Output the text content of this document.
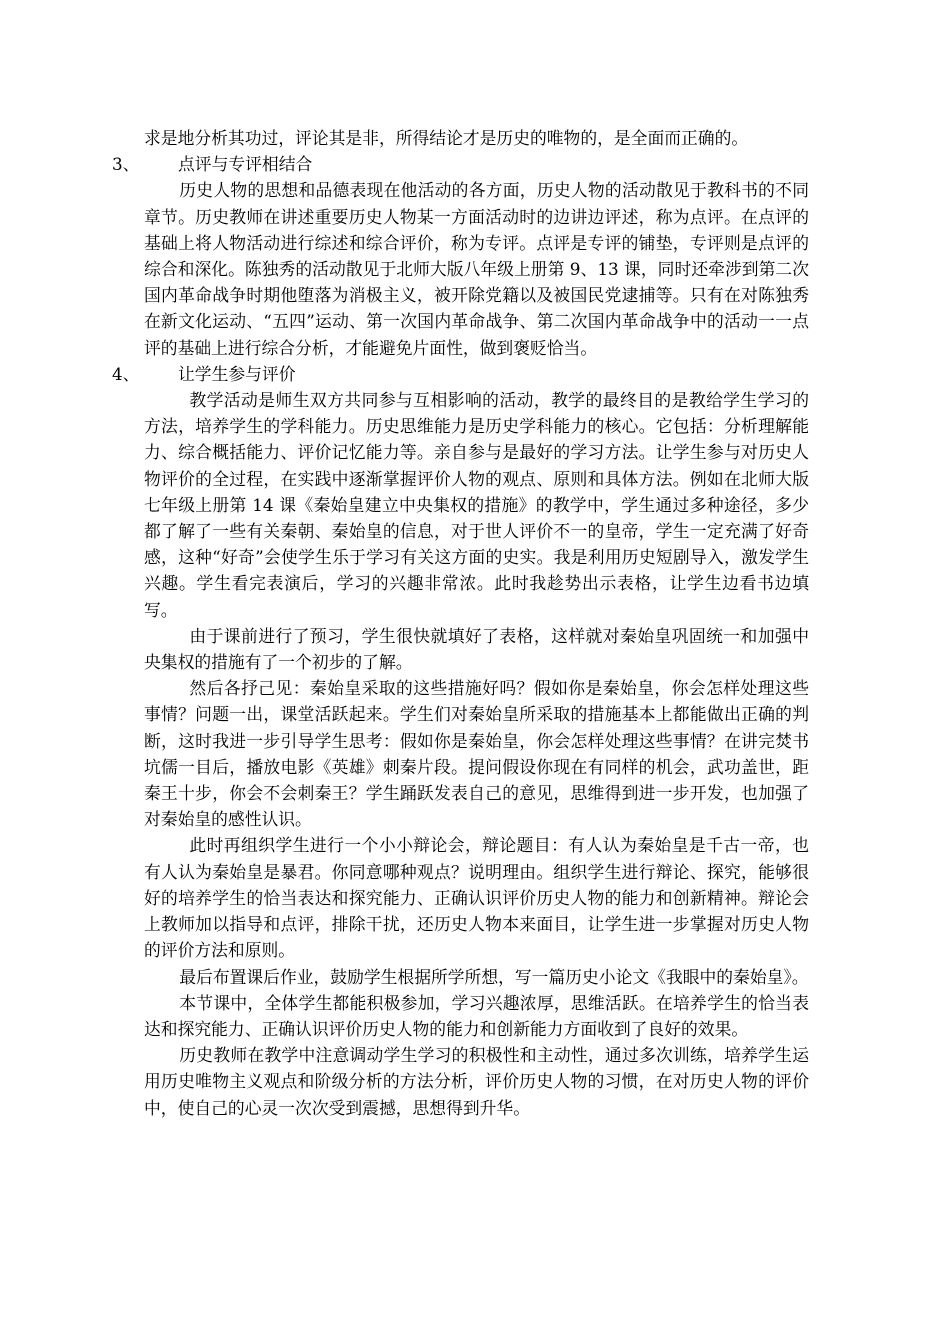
求是地分析其功过，评论其是非，所得结论才是历史的唯物的，是全面而正确的。

3、	点评与专评相结合

历史人物的思想和品德表现在他活动的各方面，历史人物的活动散见于教科书的不同章节。历史教师在讲述重要历史人物某一方面活动时的边讲边评述，称为点评。在点评的基础上将人物活动进行综述和综合评价，称为专评。点评是专评的铺垫，专评则是点评的综合和深化。陈独秀的活动散见于北师大版八年级上册第 9、13 课，同时还牵涉到第二次国内革命战争时期他堕落为消极主义，被开除党籍以及被国民党逮捕等。只有在对陈独秀在新文化运动、“五四”运动、第一次国内革命战争、第二次国内革命战争中的活动一一点评的基础上进行综合分析，才能避免片面性，做到褒贬恰当。

4、	让学生参与评价

教学活动是师生双方共同参与互相影响的活动，教学的最终目的是教给学生学习的方法，培养学生的学科能力。历史思维能力是历史学科能力的核心。它包括：分析理解能力、综合概括能力、评价记忆能力等。亲自参与是最好的学习方法。让学生参与对历史人物评价的全过程，在实践中逐渐掌握评价人物的观点、原则和具体方法。例如在北师大版七年级上册第 14 课《秦始皇建立中央集权的措施》的教学中，学生通过多种途径，多少都了解了一些有关秦朝、秦始皇的信息，对于世人评价不一的皇帝，学生一定充满了好奇感，这种“好奇”会使学生乐于学习有关这方面的史实。我是利用历史短剧导入，激发学生兴趣。学生看完表演后，学习的兴趣非常浓。此时我趁势出示表格，让学生边看书边填写。

由于课前进行了预习，学生很快就填好了表格，这样就对秦始皇巩固统一和加强中央集权的措施有了一个初步的了解。

然后各抒己见：秦始皇采取的这些措施好吗？假如你是秦始皇，你会怎样处理这些事情？问题一出，课堂活跃起来。学生们对秦始皇所采取的措施基本上都能做出正确的判断，这时我进一步引导学生思考：假如你是秦始皇，你会怎样处理这些事情？在讲完焚书坑儒一目后，播放电影《英雄》刺秦片段。提问假设你现在有同样的机会，武功盖世，距秦王十步，你会不会刺秦王？学生踊跃发表自己的意见，思维得到进一步开发，也加强了对秦始皇的感性认识。

此时再组织学生进行一个小小辩论会，辩论题目：有人认为秦始皇是千古一帝，也有人认为秦始皇是暴君。你同意哪种观点？说明理由。组织学生进行辩论、探究，能够很好的培养学生的恰当表达和探究能力、正确认识评价历史人物的能力和创新精神。辩论会上教师加以指导和点评，排除干扰，还历史人物本来面目，让学生进一步掌握对历史人物的评价方法和原则。

最后布置课后作业，鼓励学生根据所学所想，写一篇历史小论文《我眼中的秦始皇》。

本节课中，全体学生都能积极参加，学习兴趣浓厚，思维活跃。在培养学生的恰当表达和探究能力、正确认识评价历史人物的能力和创新能力方面收到了良好的效果。

历史教师在教学中注意调动学生学习的积极性和主动性，通过多次训练，培养学生运用历史唯物主义观点和阶级分析的方法分析，评价历史人物的习惯，在对历史人物的评价中，使自己的心灵一次次受到震撼，思想得到升华。
